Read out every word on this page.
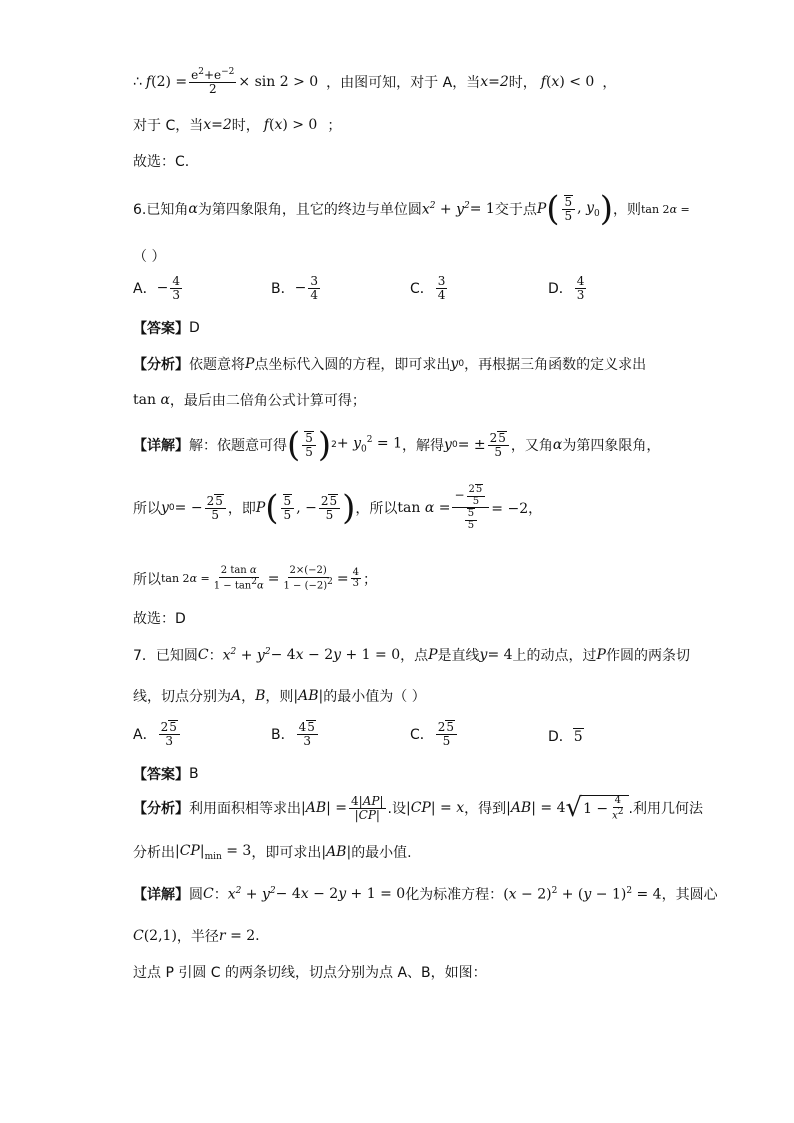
∴ f $(2) = \frac{e^2+e^{-2}}{2} \times \sin 2 > 0$ ，由图可知，对于 A，当 x=2 时， f (x) < 0 ，
对于 C，当 x=2 时， f (x) > 0 ；
故选：C.
6.已知角 α 为第四象限角，且它的终边与单位圆 $x^2 + y^2 = 1$ 交于点 P ( $\frac{5}{5}$ , $y_0$ ) ，则 tan 2α =
（ ）
A． − $\frac{4}{3}$	B． − $\frac{3}{4}$	C． $\frac{3}{4}$	D． $\frac{4}{3}$
【答案】 D
【分析】 依题意将 P 点坐标代入圆的方程，即可求出 y 0 ，再根据三角函数的定义求出
tan α ，最后由二倍角公式计算可得；
【详解】 解：依题意可得 ( $\frac{5}{5}$ ) $2 + y_0^2 = 1$ ，解得 y 0 = ± $\frac{25}{5}$ ，又角 α 为第四象限角，
所以 y 0 = − $\frac{25}{5}$ ，即 P ( $\frac{5}{5}$ , − $\frac{25}{5}$ ) ，所以 $\tan \alpha = \frac{- \frac{25}{5}}{\frac{5}{5}} = -2$，
所以 $\tan 2\alpha = \frac{\text{2 tan α}}{1 - \tan 2\alpha} = \frac{2\times(-2)}{1 - (-2)2} = \frac{4}{3}$ ；
故选：D
7．已知圆 C ： $x^2 + y^2 - 4x - 2y + 1 = 0$ ，点 P 是直线 y = 4 上的动点，过 P 作圆的两条切
线，切点分别为 A ， B ，则 |AB| 的最小值为（ ）
A． $\frac{25}{3}$	B． $\frac{45}{3}$	C． $\frac{25}{5}$	D． 5
【答案】 B
【分析】 利用面积相等求出 $|AB| = \frac{4|AP|}{|CP|}$ .设 |CP| = x ，得到 |AB| = 4 √ $1 - \frac{4}{x2}$ .利用几何法
分析出 $|CP|_{min} = 3$ ，即可求出 |AB| 的最小值.
【详解】 圆 C ： $x^2 + y^2 - 4x - 2y + 1 = 0$ 化为标准方程： $(x - 2)^2 + (y - 1)^2 = 4$ ，其圆心
C(2,1) ，半径 r = 2.
过点 P 引圆 C 的两条切线，切点分别为点 A、B，如图：
